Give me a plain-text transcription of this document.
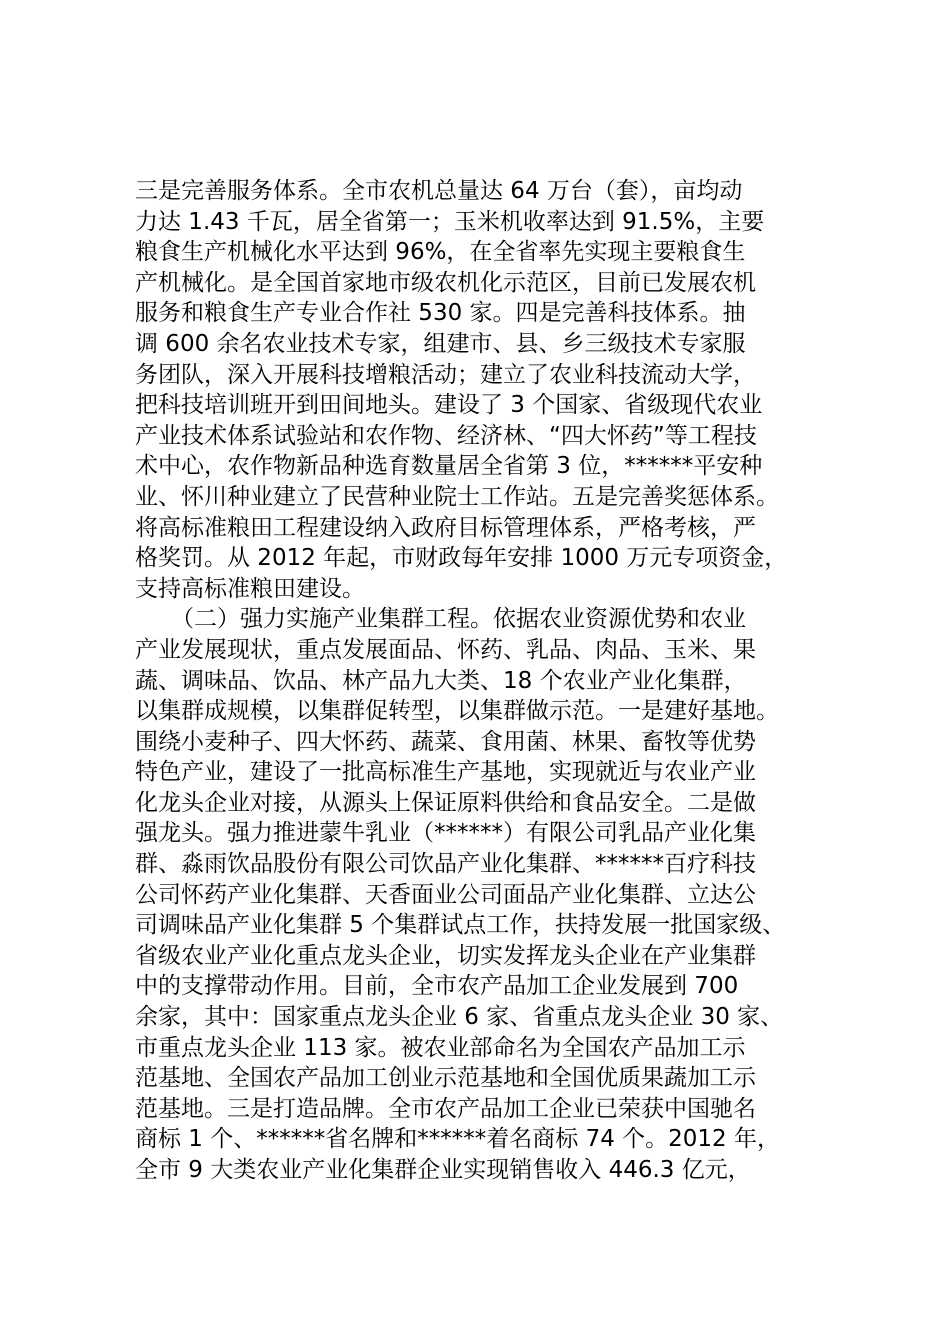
三是完善服务体系。全市农机总量达 64 万台（套），亩均动
力达 1.43 千瓦，居全省第一；玉米机收率达到 91.5%，主要
粮食生产机械化水平达到 96%，在全省率先实现主要粮食生
产机械化。是全国首家地市级农机化示范区，目前已发展农机
服务和粮食生产专业合作社 530 家。四是完善科技体系。抽
调 600 余名农业技术专家，组建市、县、乡三级技术专家服
务团队，深入开展科技增粮活动；建立了农业科技流动大学，
把科技培训班开到田间地头。建设了 3 个国家、省级现代农业
产业技术体系试验站和农作物、经济林、“四大怀药”等工程技
术中心，农作物新品种选育数量居全省第 3 位，******平安种
业、怀川种业建立了民营种业院士工作站。五是完善奖惩体系。
将高标准粮田工程建设纳入政府目标管理体系，严格考核，严
格奖罚。从 2012 年起，市财政每年安排 1000 万元专项资金，
支持高标准粮田建设。
（二）强力实施产业集群工程。依据农业资源优势和农业
产业发展现状，重点发展面品、怀药、乳品、肉品、玉米、果
蔬、调味品、饮品、林产品九大类、18 个农业产业化集群，
以集群成规模，以集群促转型，以集群做示范。一是建好基地。
围绕小麦种子、四大怀药、蔬菜、食用菌、林果、畜牧等优势
特色产业，建设了一批高标准生产基地，实现就近与农业产业
化龙头企业对接，从源头上保证原料供给和食品安全。二是做
强龙头。强力推进蒙牛乳业（******）有限公司乳品产业化集
群、淼雨饮品股份有限公司饮品产业化集群、******百疗科技
公司怀药产业化集群、天香面业公司面品产业化集群、立达公
司调味品产业化集群 5 个集群试点工作，扶持发展一批国家级、
省级农业产业化重点龙头企业，切实发挥龙头企业在产业集群
中的支撑带动作用。目前，全市农产品加工企业发展到 700
余家，其中：国家重点龙头企业 6 家、省重点龙头企业 30 家、
市重点龙头企业 113 家。被农业部命名为全国农产品加工示
范基地、全国农产品加工创业示范基地和全国优质果蔬加工示
范基地。三是打造品牌。全市农产品加工企业已荣获中国驰名
商标 1 个、******省名牌和******着名商标 74 个。2012 年，
全市 9 大类农业产业化集群企业实现销售收入 446.3 亿元，
